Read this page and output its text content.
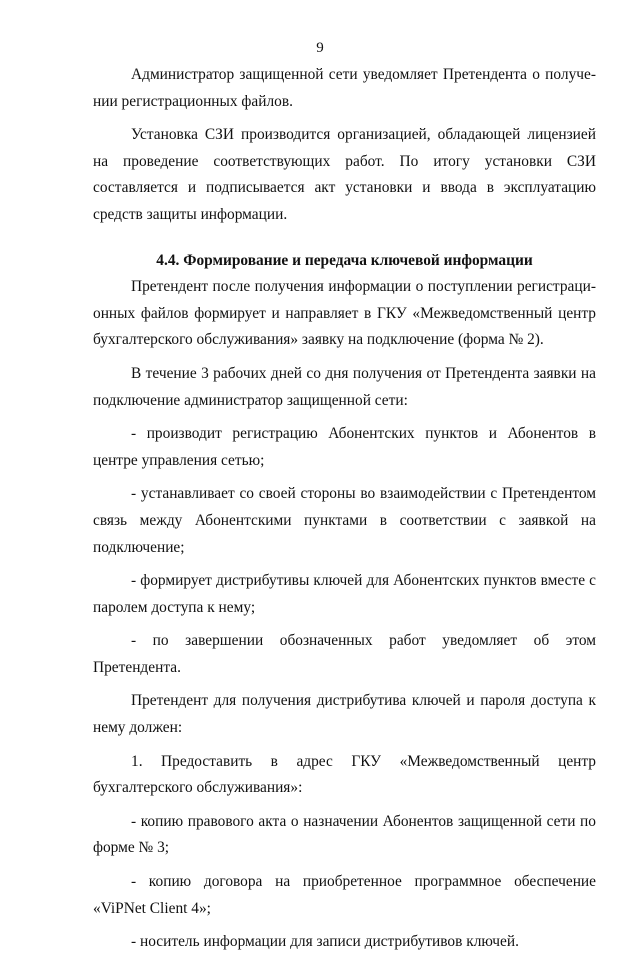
9

Администратор защищенной сети уведомляет Претендента о получении регистрационных файлов.

Установка СЗИ производится организацией, обладающей лицензией на проведение соответствующих работ. По итогу установки СЗИ составляется и подписывается акт установки и ввода в эксплуатацию средств защиты информации.

4.4. Формирование и передача ключевой информации

Претендент после получения информации о поступлении регистрационных файлов формирует и направляет в ГКУ «Межведомственный центр бухгалтерского обслуживания» заявку на подключение (форма № 2).

В течение 3 рабочих дней со дня получения от Претендента заявки на подключение администратор защищенной сети:

- производит регистрацию Абонентских пунктов и Абонентов в центре управления сетью;

- устанавливает со своей стороны во взаимодействии с Претендентом связь между Абонентскими пунктами в соответствии с заявкой на подключение;

- формирует дистрибутивы ключей для Абонентских пунктов вместе с паролем доступа к нему;

- по завершении обозначенных работ уведомляет об этом Претендента.

Претендент для получения дистрибутива ключей и пароля доступа к нему должен:

1. Предоставить в адрес ГКУ «Межведомственный центр бухгалтерского обслуживания»:

- копию правового акта о назначении Абонентов защищенной сети по форме № 3;

- копию договора на приобретенное программное обеспечение «ViPNet Client 4»;

- носитель информации для записи дистрибутивов ключей.
